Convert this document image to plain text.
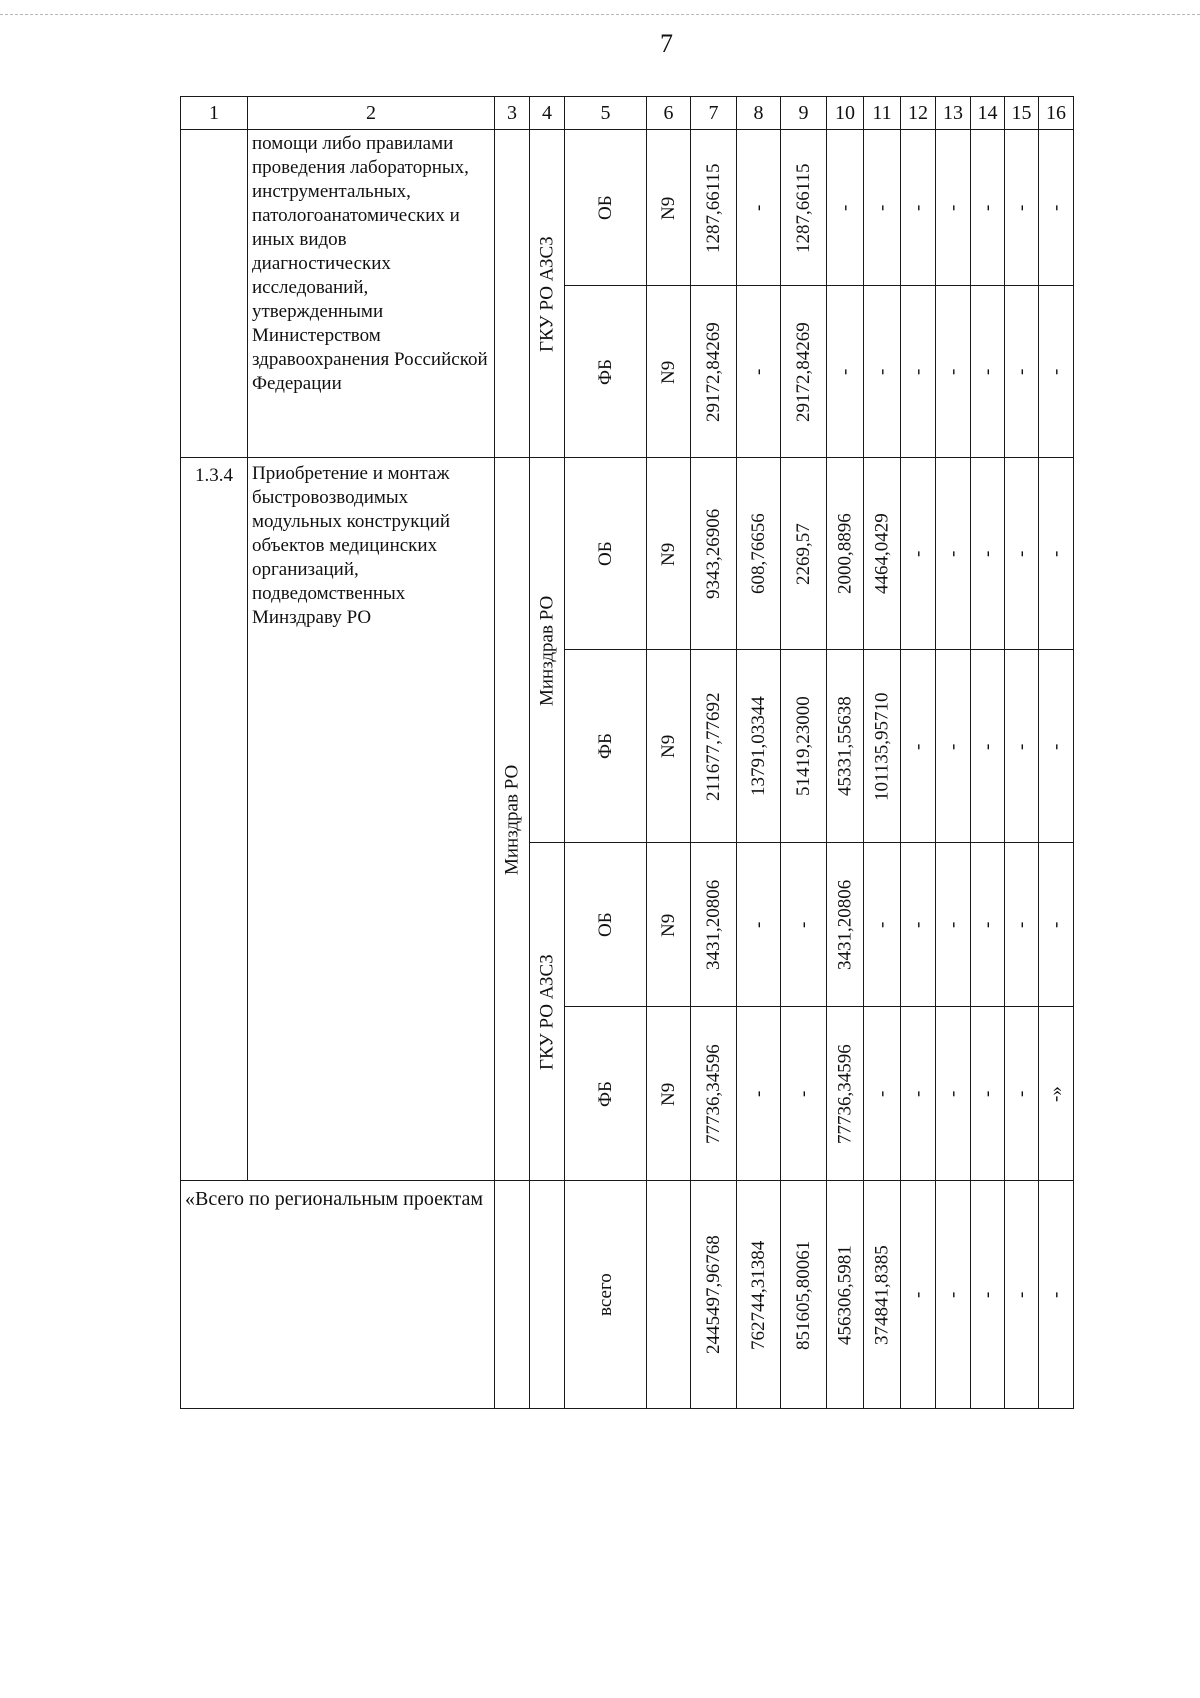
7
1	2	3	4	5	6	7	8	9	10	11	12	13	14	15	16
	помощи либо правилами проведения лабораторных, инструментальных, патологоанатомических и иных видов диагностических исследований, утвержденными Министерством здравоохранения Российской Федерации		ГКУ РО АЗСЗ	ОБ	N9	1287,66115	-	1287,66115	-	-	-	-	-	-	-
				ФБ	N9	29172,84269	-	29172,84269	-	-	-	-	-	-	-
1.3.4	Приобретение и монтаж быстровозводимых модульных конструкций объектов медицинских организаций, подведомственных Минздраву РО	Минздрав РО	Минздрав РО	ОБ	N9	9343,26906	608,76656	2269,57	2000,8896	4464,0429	-	-	-	-	-
				ФБ	N9	211677,77692	13791,03344	51419,23000	45331,55638	101135,95710	-	-	-	-	-
			ГКУ РО АЗСЗ	ОБ	N9	3431,20806	-	-	3431,20806	-	-	-	-	-	-
				ФБ	N9	77736,34596	-	-	77736,34596	-	-	-	-	-	-»
«Всего по региональным проектам				всего		2445497,96768	762744,31384	851605,80061	456306,5981	374841,8385	-	-	-	-	-
